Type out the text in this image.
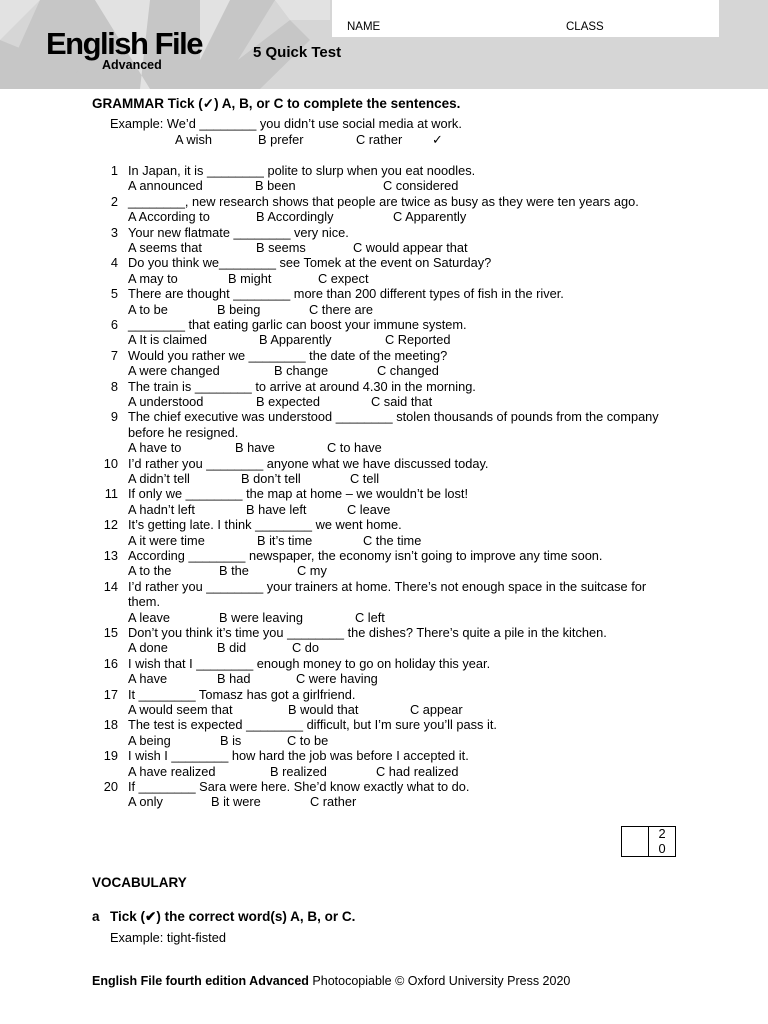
English File
Advanced
5 Quick Test
NAME	CLASS
GRAMMAR Tick (✓) A, B, or C to complete the sentences.
Example: We’d ________ you didn’t use social media at work.
A wish	B prefer	C rather ✓
1 In Japan, it is ________ polite to slurp when you eat noodles.
A announced	B been	C considered
2 ________, new research shows that people are twice as busy as they were ten years ago.
A According to	B Accordingly	C Apparently
3 Your new flatmate ________ very nice.
A seems that	B seems	C would appear that
4 Do you think we________ see Tomek at the event on Saturday?
A may to	B might	C expect
5 There are thought ________ more than 200 different types of fish in the river.
A to be	B being	C there are
6 ________ that eating garlic can boost your immune system.
A It is claimed	B Apparently	C Reported
7 Would you rather we ________ the date of the meeting?
A were changed	B change	C changed
8 The train is ________ to arrive at around 4.30 in the morning.
A understood	B expected	C said that
9 The chief executive was understood ________ stolen thousands of pounds from the company before he resigned.
A have to	B have	C to have
10 I’d rather you ________ anyone what we have discussed today.
A didn’t tell	B don’t tell	C tell
11 If only we ________ the map at home – we wouldn’t be lost!
A hadn’t left	B have left	C leave
12 It’s getting late. I think ________ we went home.
A it were time	B it’s time	C the time
13 According ________ newspaper, the economy isn’t going to improve any time soon.
A to the	B the	C my
14 I’d rather you ________ your trainers at home. There’s not enough space in the suitcase for them.
A leave	B were leaving	C left
15 Don’t you think it’s time you ________ the dishes? There’s quite a pile in the kitchen.
A done	B did	C do
16 I wish that I ________ enough money to go on holiday this year.
A have	B had	C were having
17 It ________ Tomasz has got a girlfriend.
A would seem that	B would that	C appear
18 The test is expected ________ difficult, but I’m sure you’ll pass it.
A being	B is	C to be
19 I wish I ________ how hard the job was before I accepted it.
A have realized	B realized	C had realized
20 If ________ Sara were here. She’d know exactly what to do.
A only	B it were	C rather
20
VOCABULARY
a Tick (✔) the correct word(s) A, B, or C.
Example: tight-fisted
English File fourth edition Advanced Photocopiable © Oxford University Press 2020
